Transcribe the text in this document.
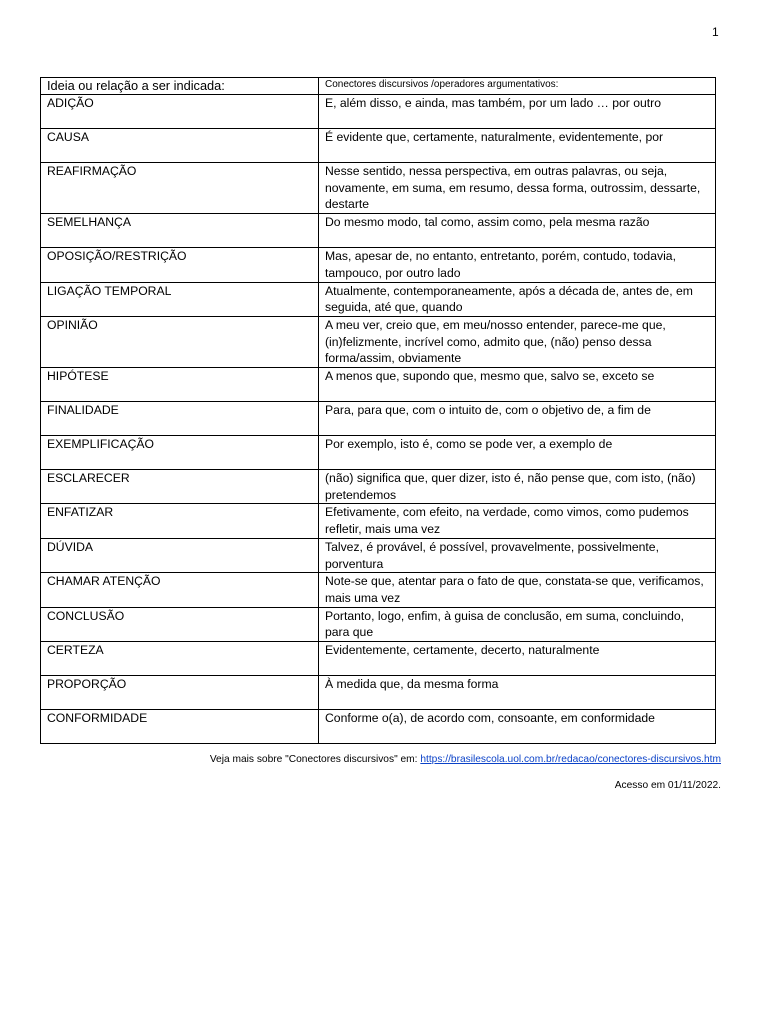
1
Ideia ou relação a ser indicada:	Conectores discursivos /operadores argumentativos:
ADIÇÃO	E, além disso, e ainda, mas também, por um lado … por outro
CAUSA	É evidente que, certamente, naturalmente, evidentemente, por
REAFIRMAÇÃO	Nesse sentido, nessa perspectiva, em outras palavras, ou seja, novamente, em suma, em resumo, dessa forma, outrossim, dessarte, destarte
SEMELHANÇA	Do mesmo modo, tal como, assim como, pela mesma razão
OPOSIÇÃO/RESTRIÇÃO	Mas, apesar de, no entanto, entretanto, porém, contudo, todavia, tampouco, por outro lado
LIGAÇÃO TEMPORAL	Atualmente, contemporaneamente, após a década de, antes de, em seguida, até que, quando
OPINIÃO	A meu ver, creio que, em meu/nosso entender, parece-me que, (in)felizmente, incrível como, admito que, (não) penso dessa forma/assim, obviamente
HIPÓTESE	A menos que, supondo que, mesmo que, salvo se, exceto se
FINALIDADE	Para, para que, com o intuito de, com o objetivo de, a fim de
EXEMPLIFICAÇÃO	Por exemplo, isto é, como se pode ver, a exemplo de
ESCLARECER	(não) significa que, quer dizer, isto é, não pense que, com isto, (não) pretendemos
ENFATIZAR	Efetivamente, com efeito, na verdade, como vimos, como pudemos refletir, mais uma vez
DÚVIDA	Talvez, é provável, é possível, provavelmente, possivelmente, porventura
CHAMAR ATENÇÃO	Note-se que, atentar para o fato de que, constata-se que, verificamos, mais uma vez
CONCLUSÃO	Portanto, logo, enfim, à guisa de conclusão, em suma, concluindo, para que
CERTEZA	Evidentemente, certamente, decerto, naturalmente
PROPORÇÃO	À medida que, da mesma forma
CONFORMIDADE	Conforme o(a), de acordo com, consoante, em conformidade
Veja mais sobre "Conectores discursivos" em: https://brasilescola.uol.com.br/redacao/conectores-discursivos.htm
Acesso em 01/11/2022.
